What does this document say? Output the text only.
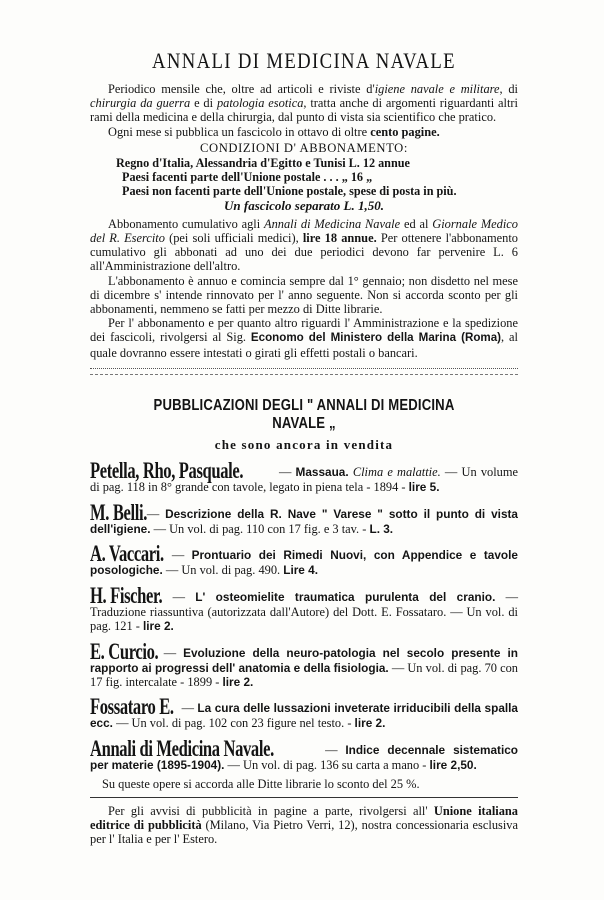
ANNALI DI MEDICINA NAVALE

Periodico mensile che, oltre ad articoli e riviste d'igiene navale e militare, di chirurgia da guerra e di patologia esotica, tratta anche di argomenti riguardanti altri rami della medicina e della chirurgia, dal punto di vista sia scientifico che pratico.

Ogni mese si pubblica un fascicolo in ottavo di oltre cento pagine.

CONDIZIONI D' ABBONAMENTO:

Regno d'Italia, Alessandria d'Egitto e Tunisi L. 12 annue

Paesi facenti parte dell'Unione postale . . . „ 16 „

Paesi non facenti parte dell'Unione postale, spese di posta in più.

Un fascicolo separato L. 1,50.

Abbonamento cumulativo agli Annali di Medicina Navale ed al Giornale Medico del R. Esercito (pei soli ufficiali medici), lire 18 annue. Per ottenere l'abbonamento cumulativo gli abbonati ad uno dei due periodici devono far pervenire L. 6 all'Amministrazione dell'altro.

L'abbonamento è annuo e comincia sempre dal 1° gennaio; non disdetto nel mese di dicembre s' intende rinnovato per l' anno seguente. Non si accorda sconto per gli abbonamenti, nemmeno se fatti per mezzo di Ditte librarie.

Per l' abbonamento e per quanto altro riguardi l' Amministrazione e la spedizione dei fascicoli, rivolgersi al Sig. Economo del Ministero della Marina (Roma), al quale dovranno essere intestati o girati gli effetti postali o bancari.

PUBBLICAZIONI DEGLI " ANNALI DI MEDICINA NAVALE „
che sono ancora in vendita
Petella, Rho, Pasquale.	— Massaua. Clima e malattie. — Un volume di pag. 118 in 8° grande con tavole, legato in piena tela - 1894 - lire 5.
M. Belli. — Descrizione della R. Nave " Varese " sotto il punto di vista dell'igiene. — Un vol. di pag. 110 con 17 fig. e 3 tav. - L. 3.
A. Vaccari. — Prontuario dei Rimedi Nuovi, con Appendice e tavole posologiche. — Un vol. di pag. 490. Lire 4.
H. Fischer. — L' osteomielite traumatica purulenta del cranio. — Traduzione riassuntiva (autorizzata dall'Autore) del Dott. E. Fossataro. — Un vol. di pag. 121 - lire 2.
E. Curcio. — Evoluzione della neuro-patologia nel secolo presente in rapporto ai progressi dell' anatomia e della fisiologia. — Un vol. di pag. 70 con 17 fig. intercalate - 1899 - lire 2.
Fossataro E. — La cura delle lussazioni inveterate irriducibili della spalla ecc. — Un vol. di pag. 102 con 23 figure nel testo. - lire 2.
Annali di Medicina Navale.	— Indice decennale sistematico per materie (1895-1904). — Un vol. di pag. 136 su carta a mano - lire 2,50.
Su queste opere si accorda alle Ditte librarie lo sconto del 25 %.

Per gli avvisi di pubblicità in pagine a parte, rivolgersi all' Unione italiana editrice di pubblicità (Milano, Via Pietro Verri, 12), nostra concessionaria esclusiva per l' Italia e per l' Estero.
